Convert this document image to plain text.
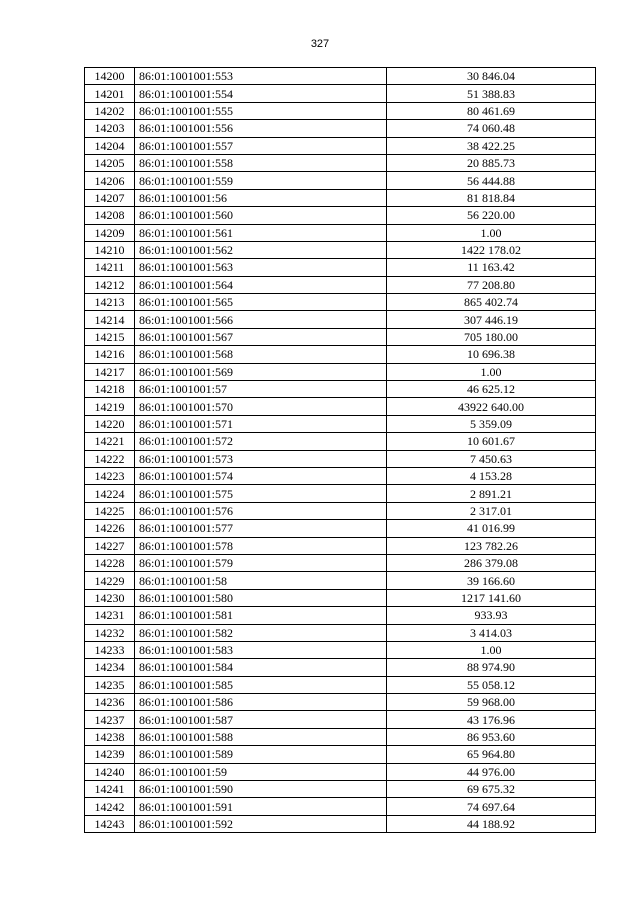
327
14200	86:01:1001001:553	30 846.04
14201	86:01:1001001:554	51 388.83
14202	86:01:1001001:555	80 461.69
14203	86:01:1001001:556	74 060.48
14204	86:01:1001001:557	38 422.25
14205	86:01:1001001:558	20 885.73
14206	86:01:1001001:559	56 444.88
14207	86:01:1001001:56	81 818.84
14208	86:01:1001001:560	56 220.00
14209	86:01:1001001:561	1.00
14210	86:01:1001001:562	1422 178.02
14211	86:01:1001001:563	11 163.42
14212	86:01:1001001:564	77 208.80
14213	86:01:1001001:565	865 402.74
14214	86:01:1001001:566	307 446.19
14215	86:01:1001001:567	705 180.00
14216	86:01:1001001:568	10 696.38
14217	86:01:1001001:569	1.00
14218	86:01:1001001:57	46 625.12
14219	86:01:1001001:570	43922 640.00
14220	86:01:1001001:571	5 359.09
14221	86:01:1001001:572	10 601.67
14222	86:01:1001001:573	7 450.63
14223	86:01:1001001:574	4 153.28
14224	86:01:1001001:575	2 891.21
14225	86:01:1001001:576	2 317.01
14226	86:01:1001001:577	41 016.99
14227	86:01:1001001:578	123 782.26
14228	86:01:1001001:579	286 379.08
14229	86:01:1001001:58	39 166.60
14230	86:01:1001001:580	1217 141.60
14231	86:01:1001001:581	933.93
14232	86:01:1001001:582	3 414.03
14233	86:01:1001001:583	1.00
14234	86:01:1001001:584	88 974.90
14235	86:01:1001001:585	55 058.12
14236	86:01:1001001:586	59 968.00
14237	86:01:1001001:587	43 176.96
14238	86:01:1001001:588	86 953.60
14239	86:01:1001001:589	65 964.80
14240	86:01:1001001:59	44 976.00
14241	86:01:1001001:590	69 675.32
14242	86:01:1001001:591	74 697.64
14243	86:01:1001001:592	44 188.92
